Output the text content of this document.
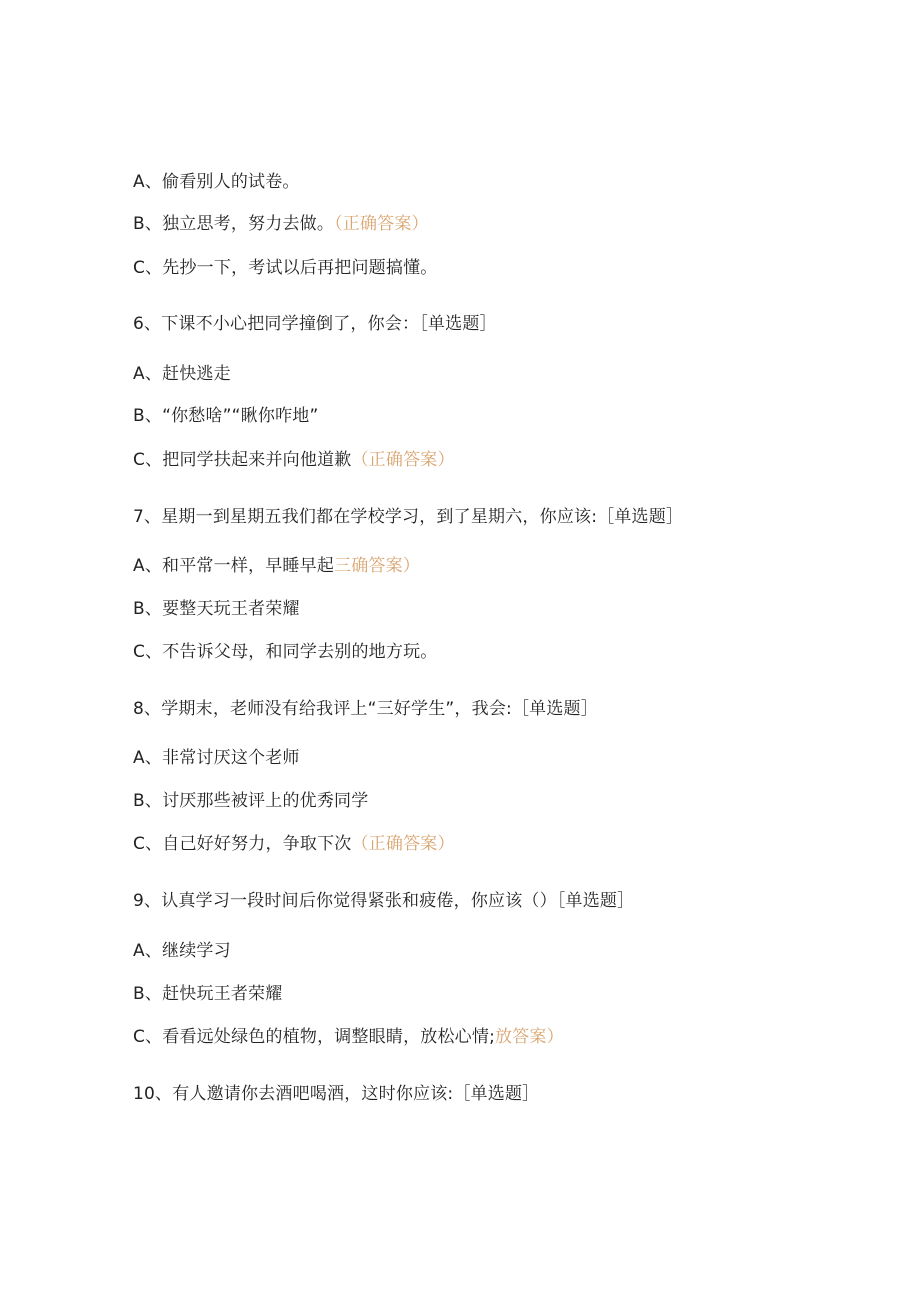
A、偷看别人的试卷。
B、独立思考，努力去做。（正确答案）
C、先抄一下，考试以后再把问题搞懂。
6、下课不小心把同学撞倒了，你会：［单选题］
A、赶快逃走
B、“你愁啥”“瞅你咋地”
C、把同学扶起来并向他道歉（正确答案）
7、星期一到星期五我们都在学校学习，到了星期六，你应该:［单选题］
A、和平常一样，早睡早起三确答案）
B、要整天玩王者荣耀
C、不告诉父母，和同学去别的地方玩。
8、学期末，老师没有给我评上“三好学生”，我会:［单选题］
A、非常讨厌这个老师
B、讨厌那些被评上的优秀同学
C、自己好好努力，争取下次（正确答案）
9、认真学习一段时间后你觉得紧张和疲倦，你应该（）［单选题］
A、继续学习
B、赶快玩王者荣耀
C、看看远处绿色的植物，调整眼睛，放松心情;放答案）
10、有人邀请你去酒吧喝酒，这时你应该:［单选题］
